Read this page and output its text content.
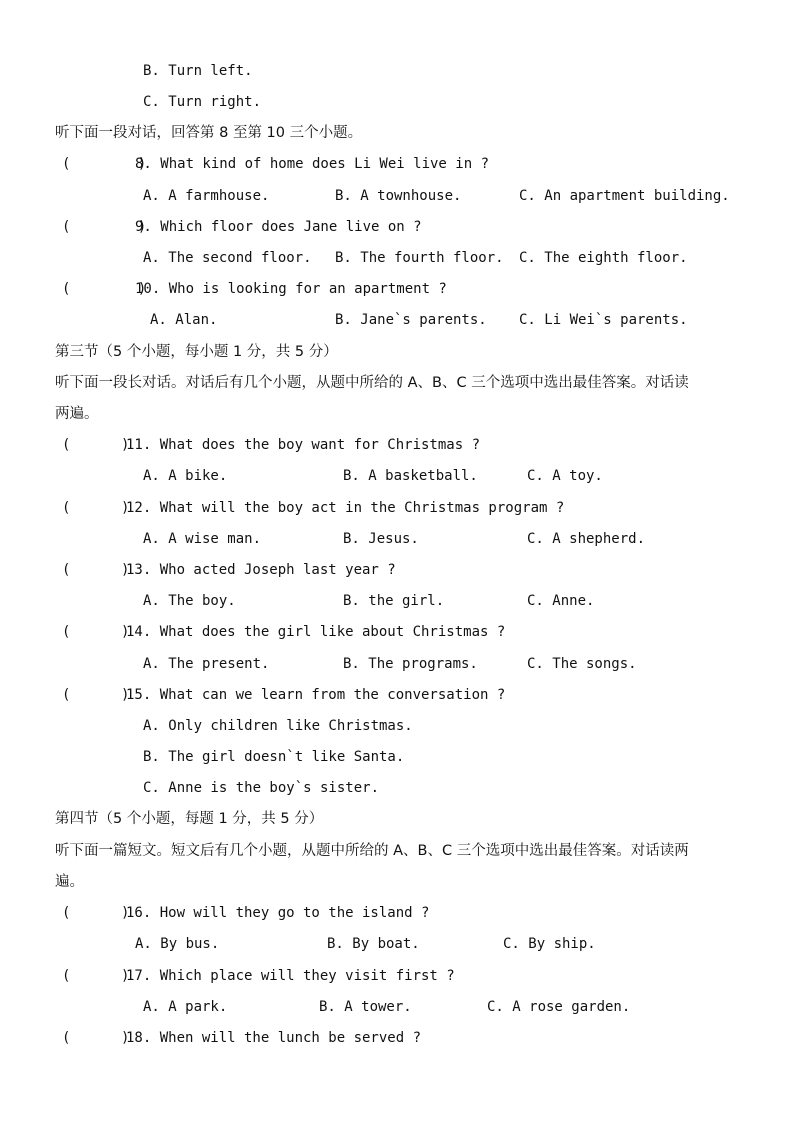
B. Turn left.
C. Turn right.
听下面一段对话，回答第 8 至第 10 三个小题。
(        )
8. What kind of home does Li Wei live in ?
A. A farmhouse.	B. A townhouse.	C. An apartment building.
(        )
9. Which floor does Jane live on ?
A. The second floor. B. The fourth floor. C. The eighth floor.
(        )
10. Who is looking for an apartment ?
A. Alan.	B. Jane`s parents. C. Li Wei`s parents.
第三节（5 个小题，每小题 1 分，共 5 分）
听下面一段长对话。对话后有几个小题，从题中所给的 A、B、C 三个选项中选出最佳答案。对话读
两遍。
(      )
11. What does the boy want for Christmas ?
A. A bike.	B. A basketball.	C. A toy.
(      )
12. What will the boy act in the Christmas program ?
A. A wise man.	B. Jesus.	C. A shepherd.
(      )
13. Who acted Joseph last year ?
A. The boy.	B. the girl.	C. Anne.
(      )
14. What does the girl like about Christmas ?
A. The present.	B. The programs.	C. The songs.
(      )
15. What can we learn from the conversation ?
A. Only children like Christmas.
B. The girl doesn`t like Santa.
C. Anne is the boy`s sister.
第四节（5 个小题，每题 1 分，共 5 分）
听下面一篇短文。短文后有几个小题，从题中所给的 A、B、C 三个选项中选出最佳答案。对话读两
遍。
(      )
16. How will they go to the island ?
A. By bus.	B. By boat.	C. By ship.
(      )
17. Which place will they visit first ?
A. A park.	B. A tower.	C. A rose garden.
(      )
18. When will the lunch be served ?
